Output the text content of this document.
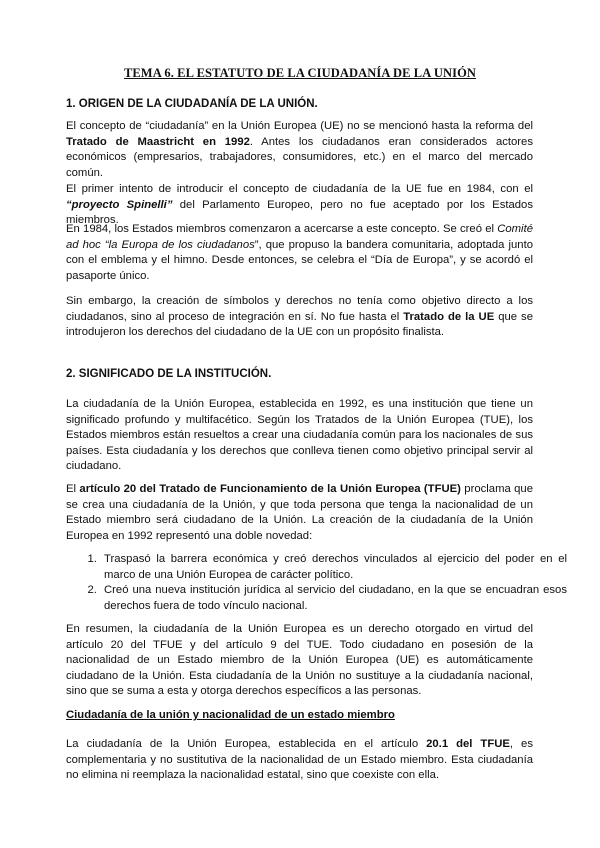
TEMA 6. EL ESTATUTO DE LA CIUDADANÍA DE LA UNIÓN
1. ORIGEN DE LA CIUDADANÍA DE LA UNIÓN.

El concepto de “ciudadanía” en la Unión Europea (UE) no se mencionó hasta la reforma del Tratado de Maastricht en 1992. Antes los ciudadanos eran considerados actores económicos (empresarios, trabajadores, consumidores, etc.) en el marco del mercado común.

El primer intento de introducir el concepto de ciudadanía de la UE fue en 1984, con el “proyecto Spinelli” del Parlamento Europeo, pero no fue aceptado por los Estados miembros.

En 1984, los Estados miembros comenzaron a acercarse a este concepto. Se creó el Comité ad hoc “la Europa de los ciudadanos”, que propuso la bandera comunitaria, adoptada junto con el emblema y el himno. Desde entonces, se celebra el “Día de Europa”, y se acordó el pasaporte único.

Sin embargo, la creación de símbolos y derechos no tenía como objetivo directo a los ciudadanos, sino al proceso de integración en sí. No fue hasta el Tratado de la UE que se introdujeron los derechos del ciudadano de la UE con un propósito finalista.

2. SIGNIFICADO DE LA INSTITUCIÓN.

La ciudadanía de la Unión Europea, establecida en 1992, es una institución que tiene un significado profundo y multifacético. Según los Tratados de la Unión Europea (TUE), los Estados miembros están resueltos a crear una ciudadanía común para los nacionales de sus países. Esta ciudadanía y los derechos que conlleva tienen como objetivo principal servir al ciudadano.

El artículo 20 del Tratado de Funcionamiento de la Unión Europea (TFUE) proclama que se crea una ciudadanía de la Unión, y que toda persona que tenga la nacionalidad de un Estado miembro será ciudadano de la Unión. La creación de la ciudadanía de la Unión Europea en 1992 representó una doble novedad:

1. Traspasó la barrera económica y creó derechos vinculados al ejercicio del poder en el marco de una Unión Europea de carácter político.
2. Creó una nueva institución jurídica al servicio del ciudadano, en la que se encuadran esos derechos fuera de todo vínculo nacional.

En resumen, la ciudadanía de la Unión Europea es un derecho otorgado en virtud del artículo 20 del TFUE y del artículo 9 del TUE. Todo ciudadano en posesión de la nacionalidad de un Estado miembro de la Unión Europea (UE) es automáticamente ciudadano de la Unión. Esta ciudadanía de la Unión no sustituye a la ciudadanía nacional, sino que se suma a esta y otorga derechos específicos a las personas.

Ciudadanía de la unión y nacionalidad de un estado miembro

La ciudadanía de la Unión Europea, establecida en el artículo 20.1 del TFUE, es complementaria y no sustitutiva de la nacionalidad de un Estado miembro. Esta ciudadanía no elimina ni reemplaza la nacionalidad estatal, sino que coexiste con ella.
